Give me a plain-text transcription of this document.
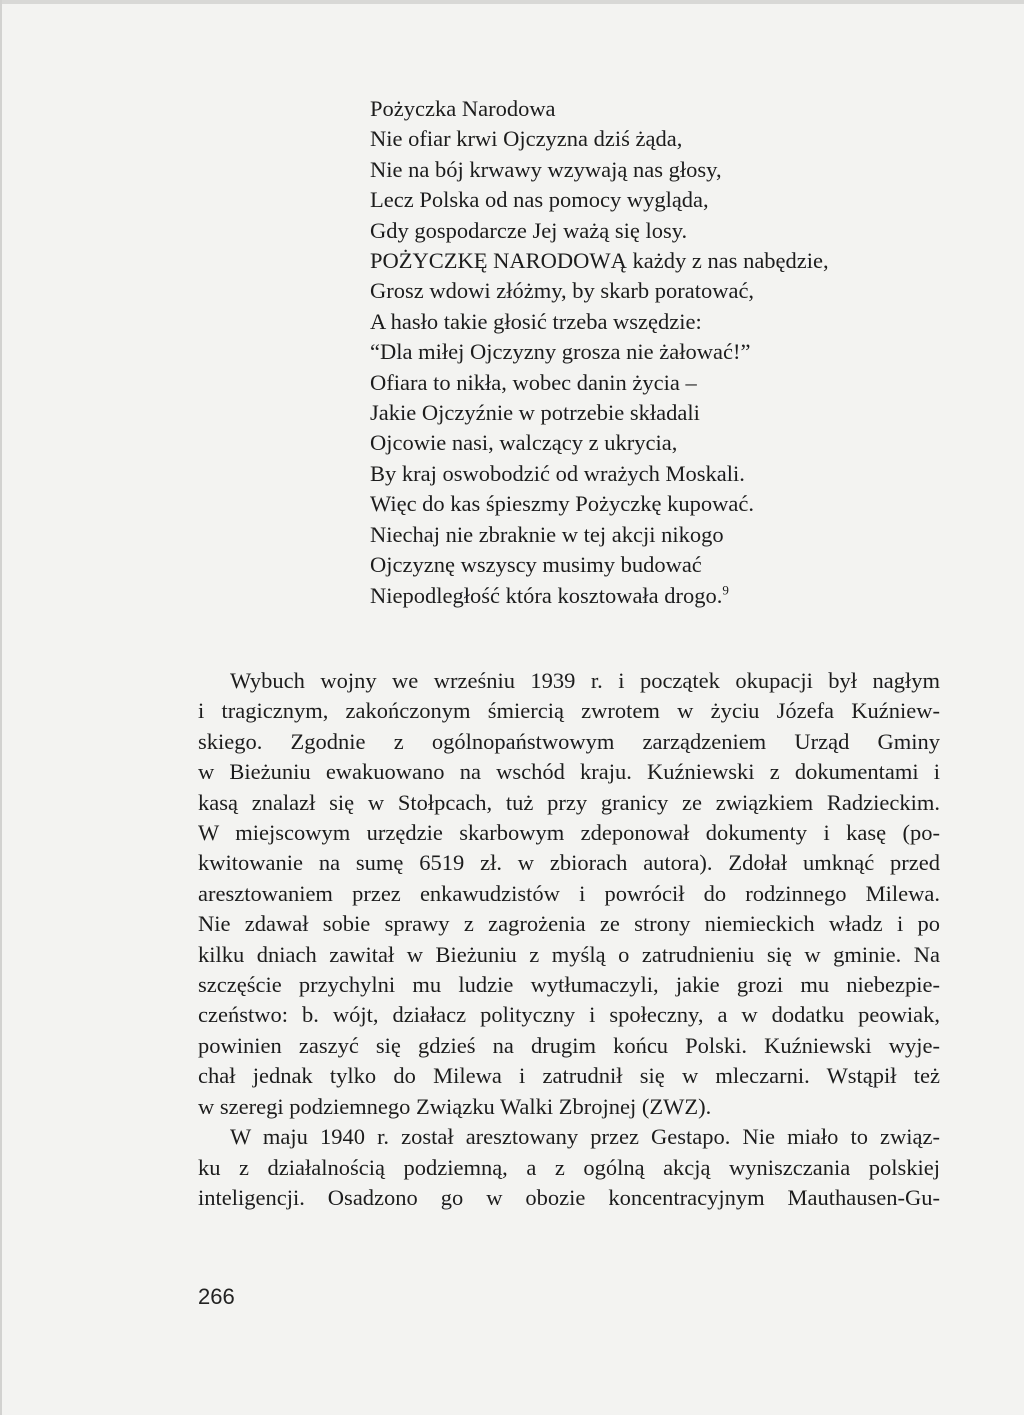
Pożyczka Narodowa
Nie ofiar krwi Ojczyzna dziś żąda,
Nie na bój krwawy wzywają nas głosy,
Lecz Polska od nas pomocy wygląda,
Gdy gospodarcze Jej ważą się losy.
POŻYCZKĘ NARODOWĄ każdy z nas nabędzie,
Grosz wdowi złóżmy, by skarb poratować,
A hasło takie głosić trzeba wszędzie:
“Dla miłej Ojczyzny grosza nie żałować!”
Ofiara to nikła, wobec danin życia –
Jakie Ojczyźnie w potrzebie składali
Ojcowie nasi, walczący z ukrycia,
By kraj oswobodzić od wrażych Moskali.
Więc do kas śpieszmy Pożyczkę kupować.
Niechaj nie zbraknie w tej akcji nikogo
Ojczyznę wszyscy musimy budować
Niepodległość która kosztowała drogo.$^9$
Wybuch wojny we wrześniu 1939 r. i początek okupacji był nagłym
i tragicznym, zakończonym śmiercią zwrotem w życiu Józefa Kuźniew-
skiego. Zgodnie z ogólnopaństwowym zarządzeniem Urząd Gminy
w Bieżuniu ewakuowano na wschód kraju. Kuźniewski z dokumentami i
kasą znalazł się w Stołpcach, tuż przy granicy ze związkiem Radzieckim.
W miejscowym urzędzie skarbowym zdeponował dokumenty i kasę (po-
kwitowanie na sumę 6519 zł. w zbiorach autora). Zdołał umknąć przed
aresztowaniem przez enkawudzistów i powrócił do rodzinnego Milewa.
Nie zdawał sobie sprawy z zagrożenia ze strony niemieckich władz i po
kilku dniach zawitał w Bieżuniu z myślą o zatrudnieniu się w gminie. Na
szczęście przychylni mu ludzie wytłumaczyli, jakie grozi mu niebezpie-
czeństwo: b. wójt, działacz polityczny i społeczny, a w dodatku peowiak,
powinien zaszyć się gdzieś na drugim końcu Polski. Kuźniewski wyje-
chał jednak tylko do Milewa i zatrudnił się w mleczarni. Wstąpił też
w szeregi podziemnego Związku Walki Zbrojnej (ZWZ).
W maju 1940 r. został aresztowany przez Gestapo. Nie miało to związ-
ku z działalnością podziemną, a z ogólną akcją wyniszczania polskiej
inteligencji. Osadzono go w obozie koncentracyjnym Mauthausen-Gu-
266
